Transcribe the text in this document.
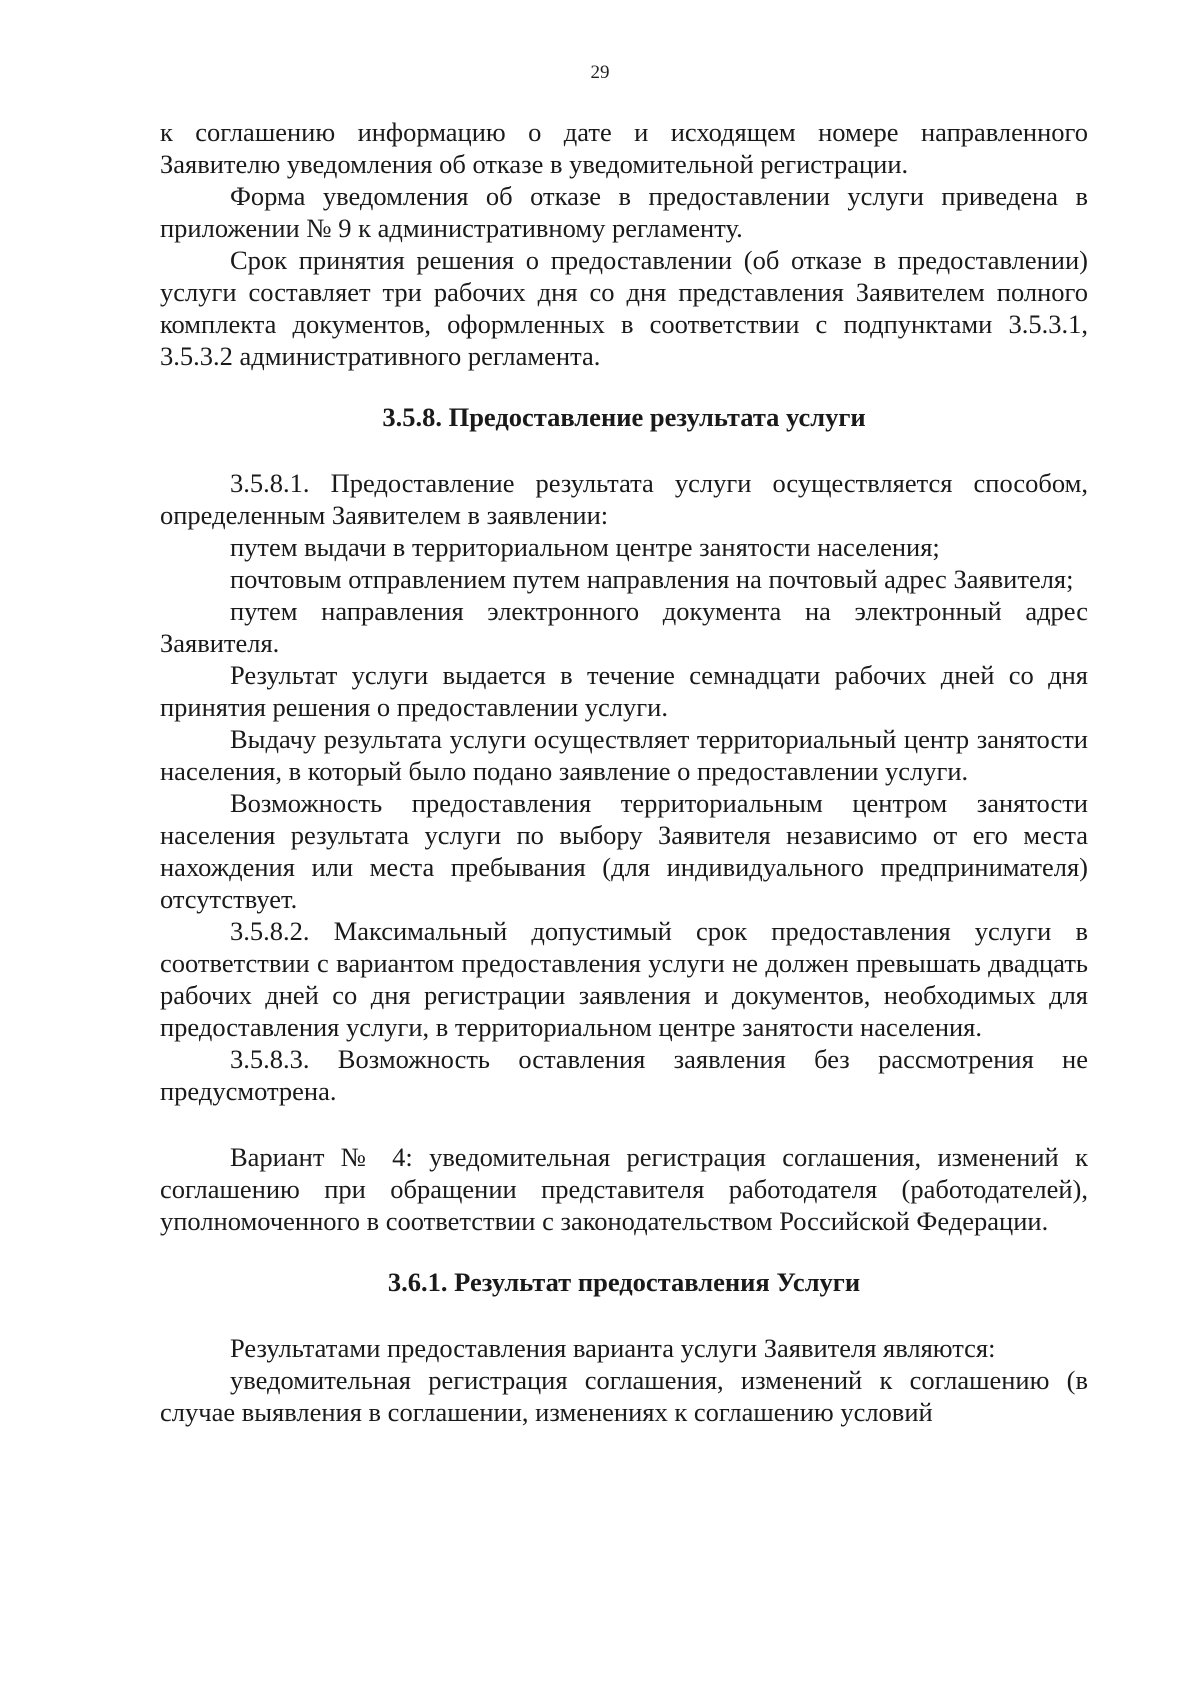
29

к соглашению информацию о дате и исходящем номере направленного Заявителю уведомления об отказе в уведомительной регистрации.

Форма уведомления об отказе в предоставлении услуги приведена в приложении № 9 к административному регламенту.

Срок принятия решения о предоставлении (об отказе в предоставлении) услуги составляет три рабочих дня со дня представления Заявителем полного комплекта документов, оформленных в соответствии с подпунктами 3.5.3.1, 3.5.3.2 административного регламента.

3.5.8. Предоставление результата услуги

3.5.8.1. Предоставление результата услуги осуществляется способом, определенным Заявителем в заявлении:

путем выдачи в территориальном центре занятости населения;

почтовым отправлением путем направления на почтовый адрес Заявителя;

путем направления электронного документа на электронный адрес Заявителя.

Результат услуги выдается в течение семнадцати рабочих дней со дня принятия решения о предоставлении услуги.

Выдачу результата услуги осуществляет территориальный центр занятости населения, в который было подано заявление о предоставлении услуги.

Возможность предоставления территориальным центром занятости населения результата услуги по выбору Заявителя независимо от его места нахождения или места пребывания (для индивидуального предпринимателя) отсутствует.

3.5.8.2. Максимальный допустимый срок предоставления услуги в соответствии с вариантом предоставления услуги не должен превышать двадцать рабочих дней со дня регистрации заявления и документов, необходимых для предоставления услуги, в территориальном центре занятости населения.

3.5.8.3. Возможность оставления заявления без рассмотрения не предусмотрена.

Вариант № 4: уведомительная регистрация соглашения, изменений к соглашению при обращении представителя работодателя (работодателей), уполномоченного в соответствии с законодательством Российской Федерации.

3.6.1. Результат предоставления Услуги

Результатами предоставления варианта услуги Заявителя являются:

уведомительная регистрация соглашения, изменений к соглашению (в случае выявления в соглашении, изменениях к соглашению условий
